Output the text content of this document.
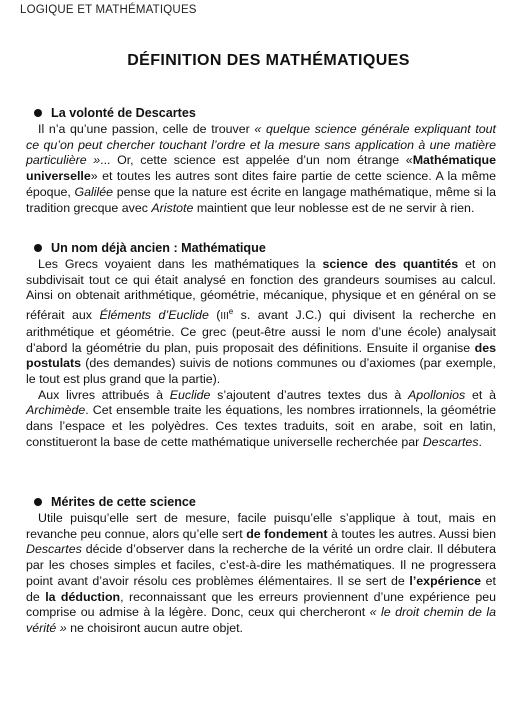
LOGIQUE ET MATHÉMATIQUES
DÉFINITION DES MATHÉMATIQUES
La volonté de Descartes

Il n’a qu’une passion, celle de trouver « quelque science générale expliquant tout ce qu’on peut chercher touchant l’ordre et la mesure sans application à une matière particulière »... Or, cette science est appelée d’un nom étrange «Mathématique universelle» et toutes les autres sont dites faire partie de cette science. A la même époque, Galilée pense que la nature est écrite en langage mathématique, même si la tradition grecque avec Aristote maintient que leur noblesse est de ne servir à rien.

Un nom déjà ancien : Mathématique

Les Grecs voyaient dans les mathématiques la science des quantités et on subdivisait tout ce qui était analysé en fonction des grandeurs soumises au calcul. Ainsi on obtenait arithmétique, géométrie, mécanique, physique et en général on se référait aux Éléments d’Euclide (IIIe s. avant J.C.) qui divisent la recherche en arithmétique et géométrie. Ce grec (peut-être aussi le nom d’une école) analysait d’abord la géométrie du plan, puis proposait des définitions. Ensuite il organise des postulats (des demandes) suivis de notions communes ou d’axiomes (par exemple, le tout est plus grand que la partie).

Aux livres attribués à Euclide s’ajoutent d’autres textes dus à Apollonios et à Archimède. Cet ensemble traite les équations, les nombres irrationnels, la géométrie dans l’espace et les polyèdres. Ces textes traduits, soit en arabe, soit en latin, constitueront la base de cette mathématique universelle recherchée par Descartes.

Mérites de cette science

Utile puisqu’elle sert de mesure, facile puisqu’elle s’applique à tout, mais en revanche peu connue, alors qu’elle sert de fondement à toutes les autres. Aussi bien Descartes décide d’observer dans la recherche de la vérité un ordre clair. Il débutera par les choses simples et faciles, c’est-à-dire les mathématiques. Il ne progressera point avant d’avoir résolu ces problèmes élémentaires. Il se sert de l’expérience et de la déduction, reconnaissant que les erreurs proviennent d’une expérience peu comprise ou admise à la légère. Donc, ceux qui chercheront « le droit chemin de la vérité » ne choisiront aucun autre objet.
